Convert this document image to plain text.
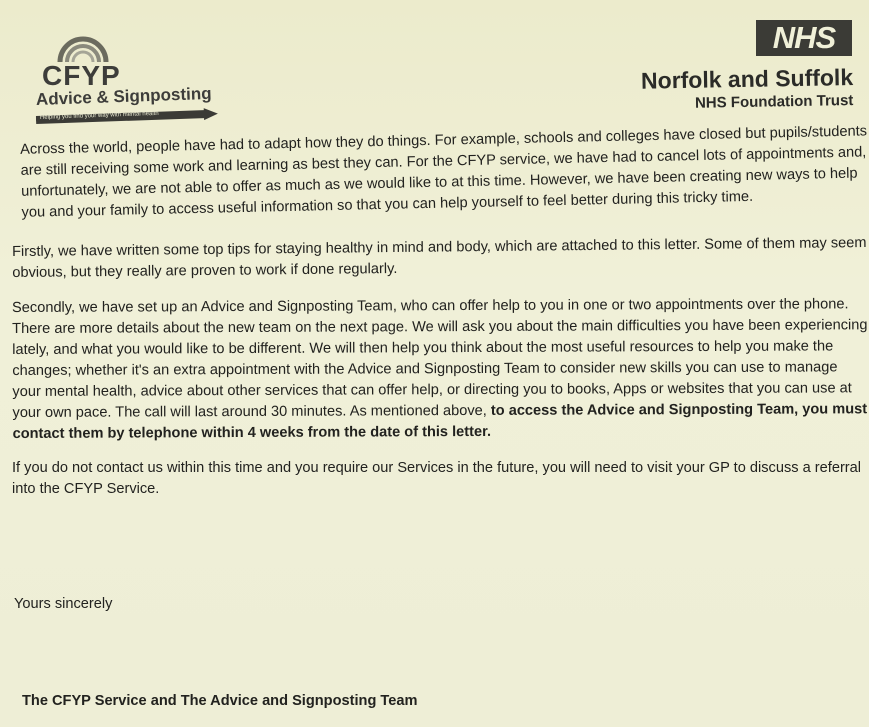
CFYP
Advice & Signposting
Helping you find your way with mental health
NHS
Norfolk and Suffolk
NHS Foundation Trust

Across the world, people have had to adapt how they do things. For example, schools and colleges have closed but pupils/students are still receiving some work and learning as best they can. For the CFYP service, we have had to cancel lots of appointments and, unfortunately, we are not able to offer as much as we would like to at this time. However, we have been creating new ways to help you and your family to access useful information so that you can help yourself to feel better during this tricky time.

Firstly, we have written some top tips for staying healthy in mind and body, which are attached to this letter. Some of them may seem obvious, but they really are proven to work if done regularly.

Secondly, we have set up an Advice and Signposting Team, who can offer help to you in one or two appointments over the phone. There are more details about the new team on the next page. We will ask you about the main difficulties you have been experiencing lately, and what you would like to be different. We will then help you think about the most useful resources to help you make the changes; whether it's an extra appointment with the Advice and Signposting Team to consider new skills you can use to manage your mental health, advice about other services that can offer help, or directing you to books, Apps or websites that you can use at your own pace. The call will last around 30 minutes. As mentioned above, to access the Advice and Signposting Team, you must contact them by telephone within 4 weeks from the date of this letter.

If you do not contact us within this time and you require our Services in the future, you will need to visit your GP to discuss a referral into the CFYP Service.

Yours sincerely
The CFYP Service and The Advice and Signposting Team
